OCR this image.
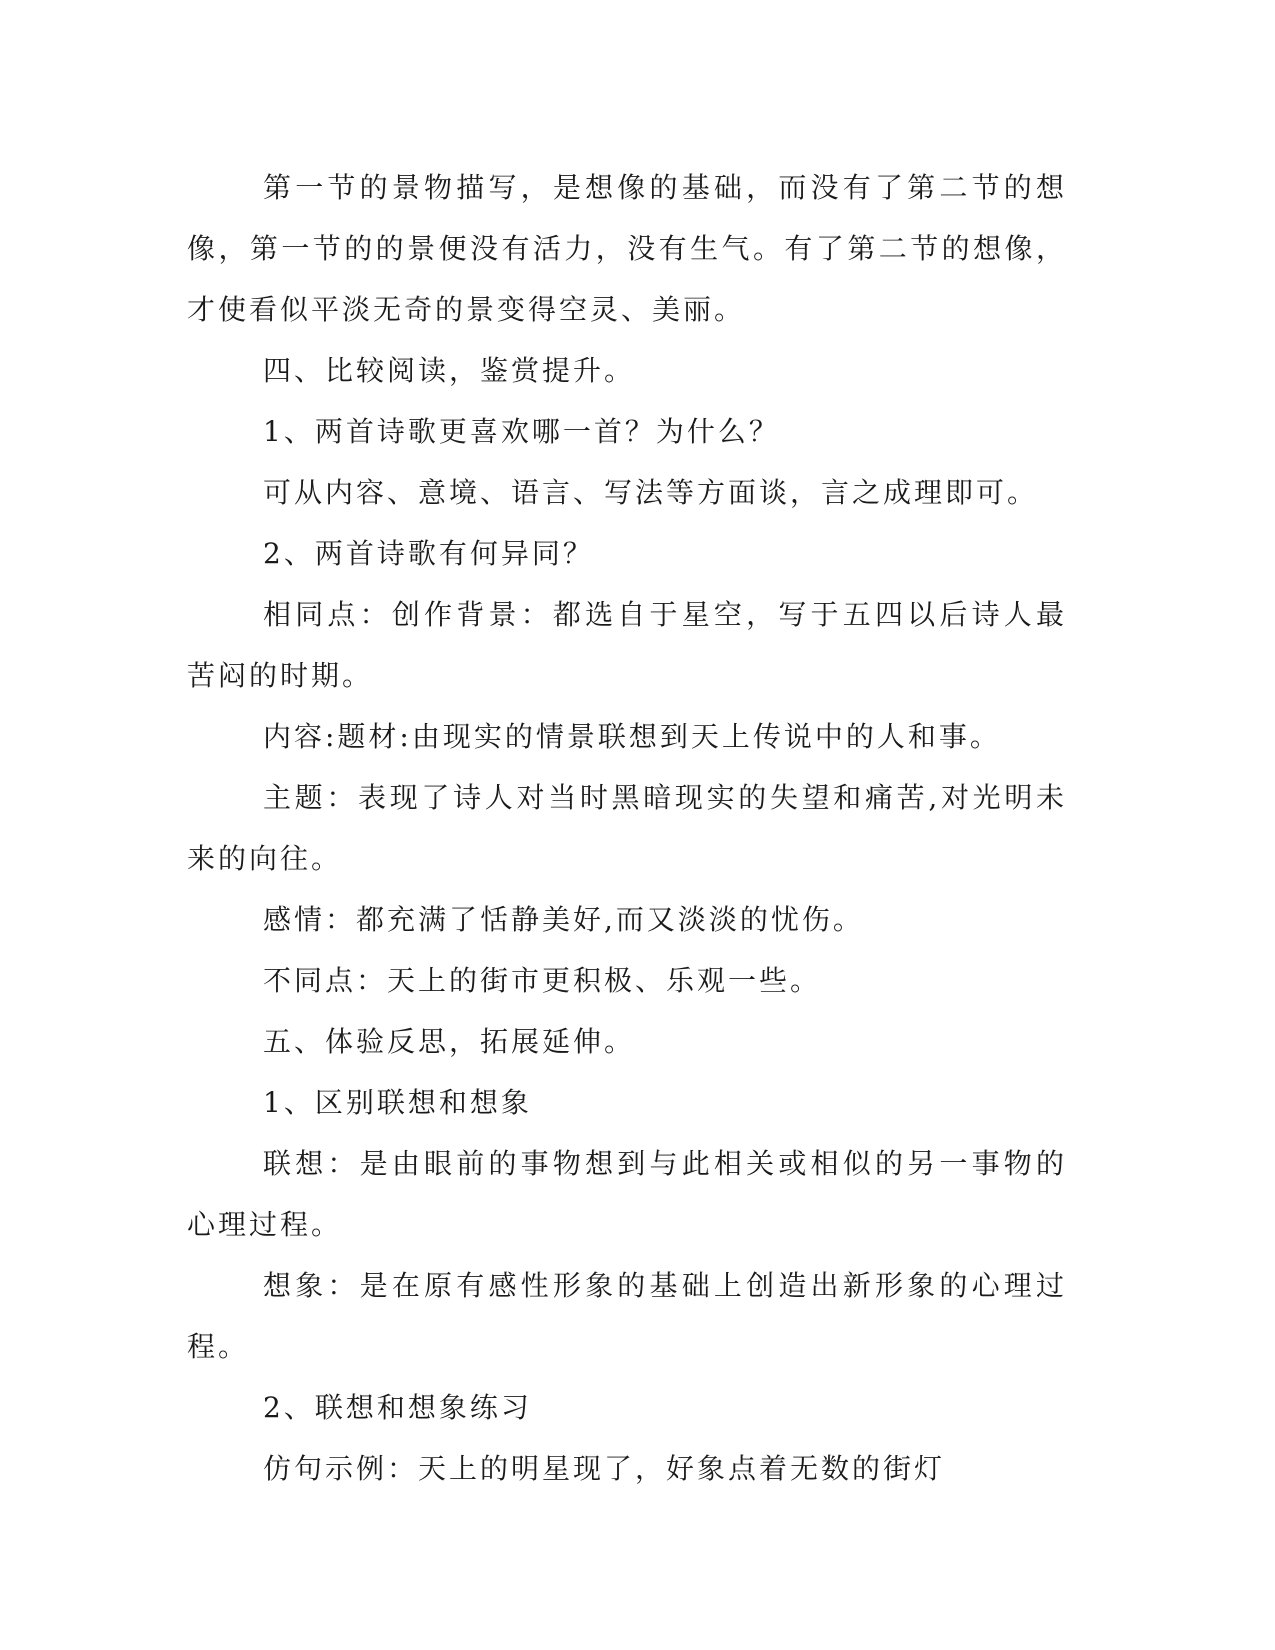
第一节的景物描写，是想像的基础，而没有了第二节的想像，第一节的的景便没有活力，没有生气。有了第二节的想像，才使看似平淡无奇的景变得空灵、美丽。

四、比较阅读，鉴赏提升。

1、两首诗歌更喜欢哪一首？为什么？

可从内容、意境、语言、写法等方面谈，言之成理即可。

2、两首诗歌有何异同？

相同点：创作背景：都选自于星空，写于五四以后诗人最苦闷的时期。

内容:题材:由现实的情景联想到天上传说中的人和事。

主题：表现了诗人对当时黑暗现实的失望和痛苦,对光明未来的向往。

感情：都充满了恬静美好,而又淡淡的忧伤。

不同点：天上的街市更积极、乐观一些。

五、体验反思，拓展延伸。

1、区别联想和想象

联想：是由眼前的事物想到与此相关或相似的另一事物的心理过程。

想象：是在原有感性形象的基础上创造出新形象的心理过程。

2、联想和想象练习

仿句示例：天上的明星现了，好象点着无数的街灯
